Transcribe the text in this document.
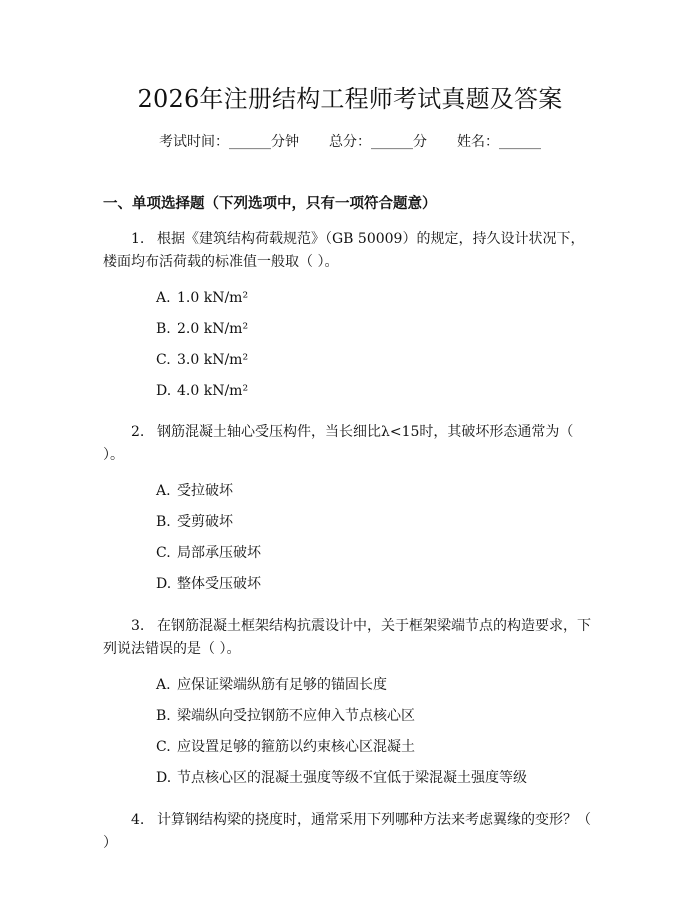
2026年注册结构工程师考试真题及答案
考试时间：______分钟 总分：______分 姓名：______
一、单项选择题（下列选项中，只有一项符合题意）
1. 根据《建筑结构荷载规范》（GB 50009）的规定，持久设计状况下，楼面均布活荷载的标准值一般取（ ）。
A. 1.0 kN/m²
B. 2.0 kN/m²
C. 3.0 kN/m²
D. 4.0 kN/m²
2. 钢筋混凝土轴心受压构件，当长细比λ<15时，其破坏形态通常为（ ）。
A. 受拉破坏
B. 受剪破坏
C. 局部承压破坏
D. 整体受压破坏
3. 在钢筋混凝土框架结构抗震设计中，关于框架梁端节点的构造要求，下列说法错误的是（ ）。
A. 应保证梁端纵筋有足够的锚固长度
B. 梁端纵向受拉钢筋不应伸入节点核心区
C. 应设置足够的箍筋以约束核心区混凝土
D. 节点核心区的混凝土强度等级不宜低于梁混凝土强度等级
4. 计算钢结构梁的挠度时，通常采用下列哪种方法来考虑翼缘的变形？（ ）
